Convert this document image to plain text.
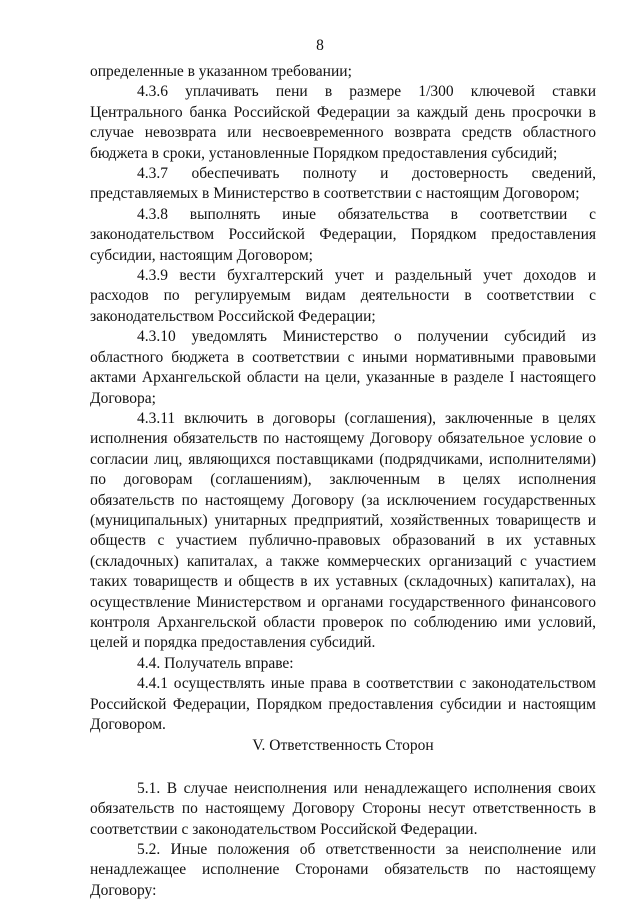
8

определенные в указанном требовании;

4.3.6 уплачивать пени в размере 1/300 ключевой ставки Центрального банка Российской Федерации за каждый день просрочки в случае невозврата или несвоевременного возврата средств областного бюджета в сроки, установленные Порядком предоставления субсидий;

4.3.7 обеспечивать полноту и достоверность сведений, представляемых в Министерство в соответствии с настоящим Договором;

4.3.8 выполнять иные обязательства в соответствии с законодательством Российской Федерации, Порядком предоставления субсидии, настоящим Договором;

4.3.9 вести бухгалтерский учет и раздельный учет доходов и расходов по регулируемым видам деятельности в соответствии с законодательством Российской Федерации;

4.3.10 уведомлять Министерство о получении субсидий из областного бюджета в соответствии с иными нормативными правовыми актами Архангельской области на цели, указанные в разделе I настоящего Договора;

4.3.11 включить в договоры (соглашения), заключенные в целях исполнения обязательств по настоящему Договору обязательное условие о согласии лиц, являющихся поставщиками (подрядчиками, исполнителями) по договорам (соглашениям), заключенным в целях исполнения обязательств по настоящему Договору (за исключением государственных (муниципальных) унитарных предприятий, хозяйственных товариществ и обществ с участием публично-правовых образований в их уставных (складочных) капиталах, а также коммерческих организаций с участием таких товариществ и обществ в их уставных (складочных) капиталах), на осуществление Министерством и органами государственного финансового контроля Архангельской области проверок по соблюдению ими условий, целей и порядка предоставления субсидий.

4.4. Получатель вправе:

4.4.1 осуществлять иные права в соответствии с законодательством Российской Федерации, Порядком предоставления субсидии и настоящим Договором.

V. Ответственность Сторон

5.1. В случае неисполнения или ненадлежащего исполнения своих обязательств по настоящему Договору Стороны несут ответственность в соответствии с законодательством Российской Федерации.

5.2. Иные положения об ответственности за неисполнение или ненадлежащее исполнение Сторонами обязательств по настоящему Договору:
